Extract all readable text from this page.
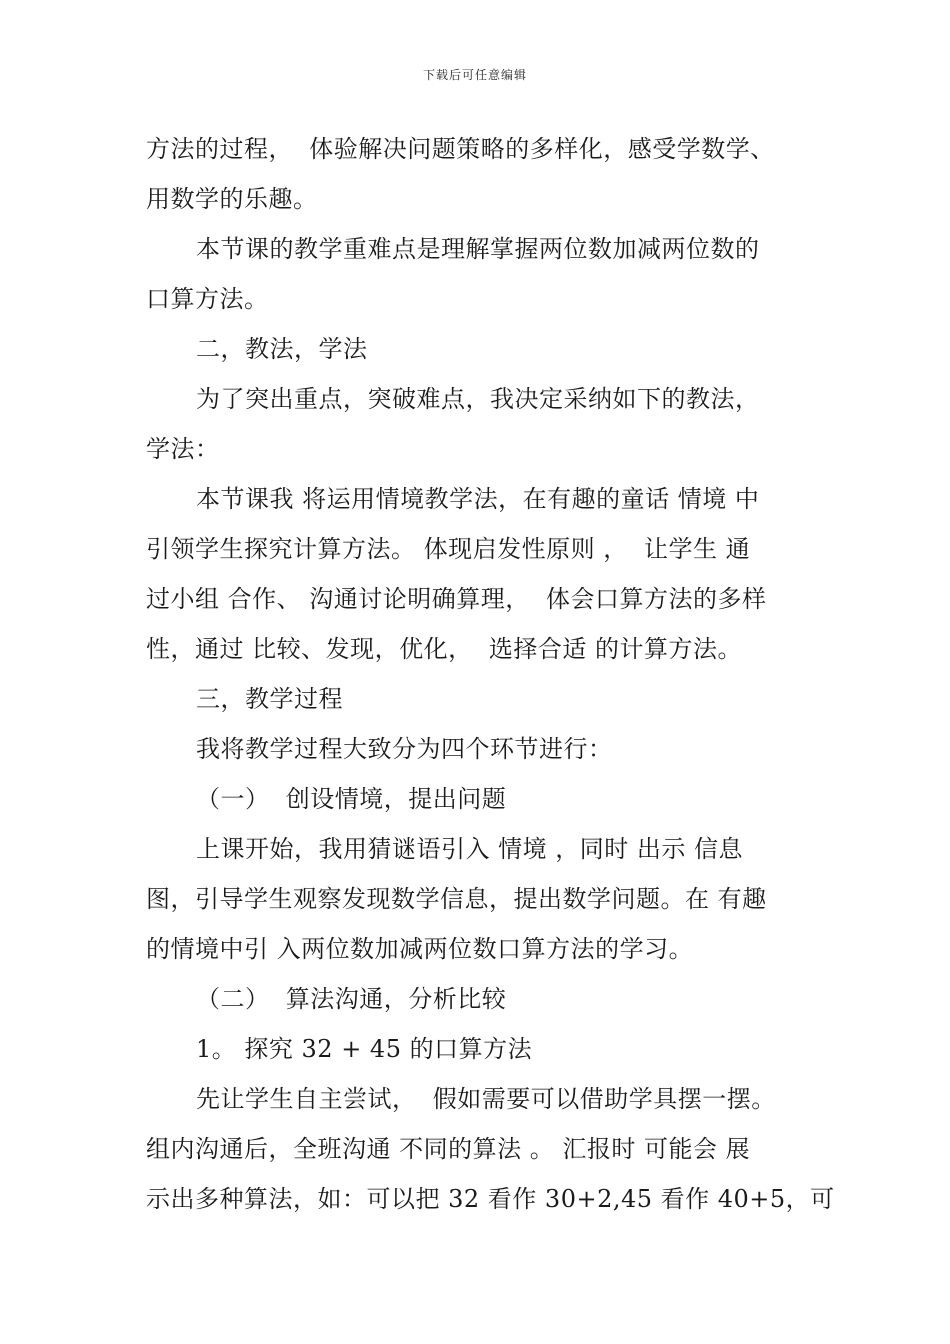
下载后可任意编辑
方法的过程，  体验解决问题策略的多样化，感受学数学、
用数学的乐趣。
本节课的教学重难点是理解掌握两位数加减两位数的
口算方法。
二，教法，学法
为了突出重点，突破难点，我决定采纳如下的教法，
学法：
本节课我 将运用情境教学法，在有趣的童话 情境 中
引领学生探究计算方法。 体现启发性原则 ，  让学生 通
过小组 合作、 沟通讨论明确算理，  体会口算方法的多样
性，通过 比较、发现，优化，  选择合适 的计算方法。
三，教学过程
我将教学过程大致分为四个环节进行：
（一）  创设情境，提出问题
上课开始，我用猜谜语引入 情境 ，同时 出示 信息
图，引导学生观察发现数学信息，提出数学问题。在 有趣
的情境中引 入两位数加减两位数口算方法的学习。
（二）  算法沟通，分析比较
1。 探究 32 + 45 的口算方法
先让学生自主尝试，  假如需要可以借助学具摆一摆。
组内沟通后，全班沟通 不同的算法 。 汇报时 可能会 展
示出多种算法，如：可以把 32 看作 30+2,45 看作 40+5，可
